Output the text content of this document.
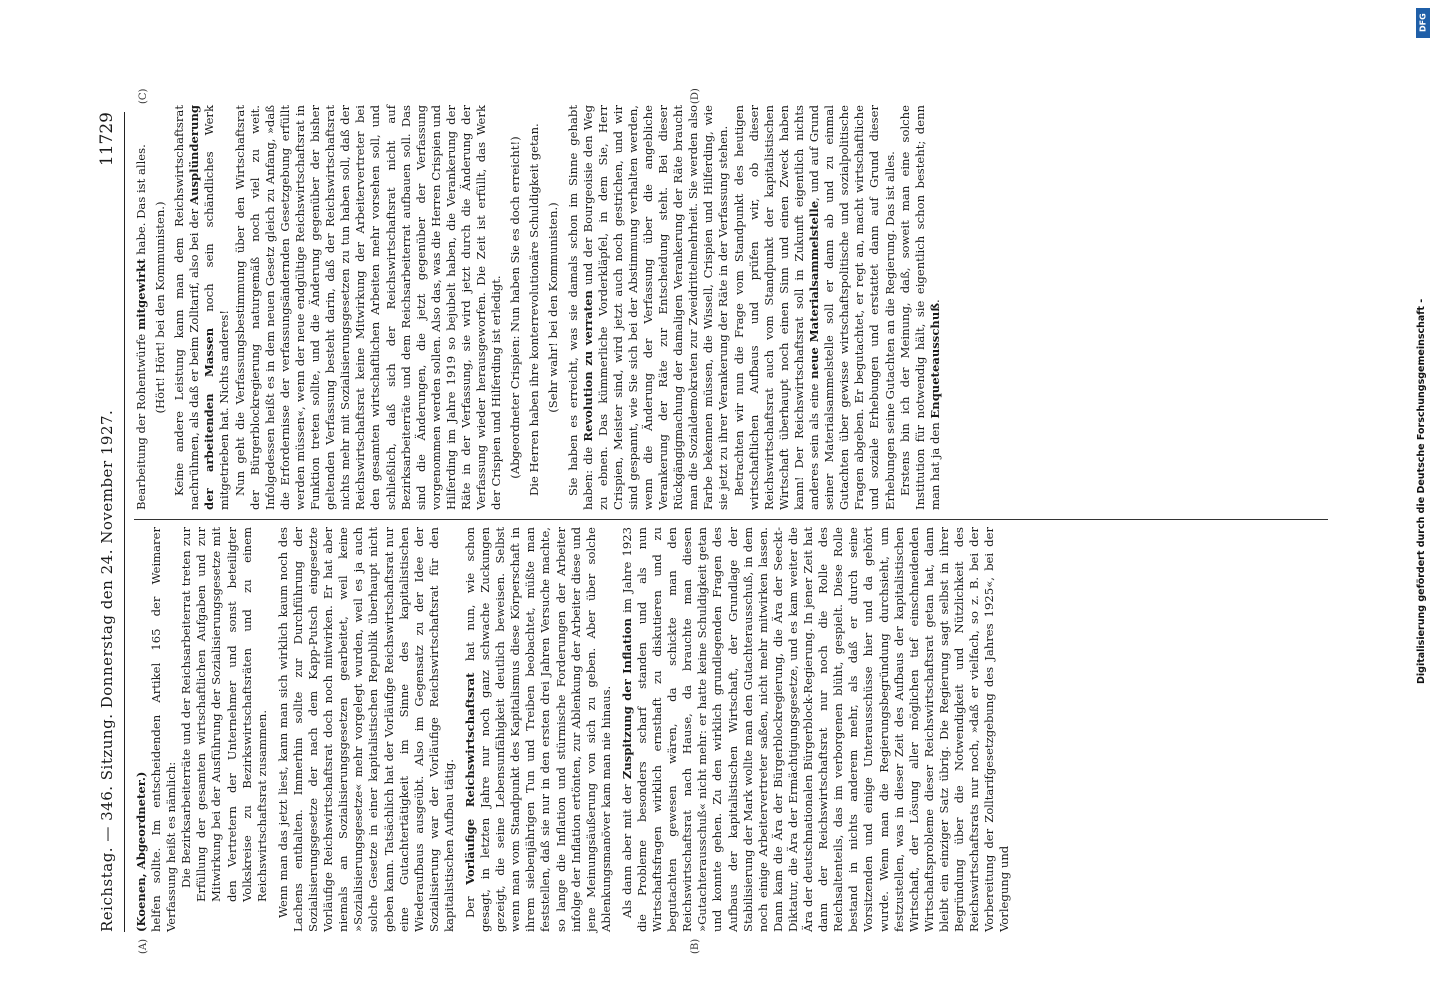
Reichstag. — 346. Sitzung. Donnerstag den 24. November 1927.
11729
(A)	(B)
(C)	(D)

(Koenen, Abgeordneter.) helfen sollte. Im entscheidenden Artikel 165 der Weimarer Verfassung heißt es nämlich: Die Bezirksarbeiterräte und der Reichsarbeiterrat treten zur Erfüllung der gesamten wirtschaftlichen Aufgaben und zur Mitwirkung bei der Ausführung der Sozialisierungsgesetze mit den Vertretern der Unternehmer und sonst beteiligter Volkskreise zu Bezirkswirtschaftsräten und zu einem Reichswirtschaftsrat zusammen. Wenn man das jetzt liest, kann man sich wirklich kaum noch des Lachens enthalten. Immerhin sollte zur Durchführung der Sozialisierungsgesetze der nach dem Kapp-Putsch eingesetzte Vorläufige Reichswirtschaftsrat doch noch mitwirken. Er hat aber niemals an Sozialisierungsgesetzen gearbeitet, weil keine »Sozialisierungsgesetze« mehr vorgelegt wurden, weil es ja auch solche Gesetze in einer kapitalistischen Republik überhaupt nicht geben kann. Tatsächlich hat der Vorläufige Reichswirtschaftsrat nur eine Gutachtertätigkeit im Sinne des kapitalistischen Wiederaufbaus ausgeübt. Also im Gegensatz zu der Idee der Sozialisierung war der Vorläufige Reichswirtschaftsrat für den kapitalistischen Aufbau tätig. Der Vorläufige Reichswirtschaftsrat hat nun, wie schon gesagt, in letzten Jahre nur noch ganz schwache Zuckungen gezeigt, die seine Lebensunfähigkeit deutlich beweisen. Selbst wenn man vom Standpunkt des Kapitalismus diese Körperschaft in ihrem siebenjährigen Tun und Treiben beobachtet, müßte man feststellen, daß sie nur in den ersten drei Jahren Versuche machte, so lange die Inflation und stürmische Forderungen der Arbeiter infolge der Inflation ertönten, zur Ablenkung der Arbeiter diese und jene Meinungsäußerung von sich zu geben. Aber über solche Ablenkungsmanöver kam man nie hinaus. Als dann aber mit der Zuspitzung der Inflation im Jahre 1923 die Probleme besonders scharf standen und als nun Wirtschaftsfragen wirklich ernsthaft zu diskutieren und zu begutachten gewesen wären, da schickte man den Reichswirtschaftsrat nach Hause, da brauchte man diesen »Gutachterausschuß« nicht mehr: er hatte keine Schuldigkeit getan und konnte gehen. Zu den wirklich grundlegenden Fragen des Aufbaus der kapitalistischen Wirtschaft, der Grundlage der Stabilisierung der Mark wollte man den Gutachterausschuß, in dem noch einige Arbeitervertreter saßen, nicht mehr mitwirken lassen. Dann kam die Ära der Bürgerblockregierung, die Ära der Seeckt-Diktatur, die Ära der Ermächtigungsgesetze, und es kam weiter die Ära der deutschnationalen Bürgerblock-Regierung. In jener Zeit hat dann der Reichswirtschaftsrat nur noch die Rolle des Reichsaltenteils, das im verborgenen blüht, gespielt. Diese Rolle bestand in nichts anderem mehr, als daß er durch seine Vorsitzenden und einige Unterausschüsse hier und da gehört wurde. Wenn man die Regierungsbegründung durchsieht, um festzustellen, was in dieser Zeit des Aufbaus der kapitalistischen Wirtschaft, der Lösung aller möglichen tief einschneidenden Wirtschaftsprobleme dieser Reichswirtschaftsrat getan hat, dann bleibt ein einziger Satz übrig. Die Regierung sagt selbst in ihrer Begründung über die Notwendigkeit und Nützlichkeit des Reichswirtschaftsrats nur noch, »daß er vielfach, so z. B. bei der Vorbereitung der Zolltarifgesetzgebung des Jahres 1925«, bei der Vorlegung und

Bearbeitung der Rohentwürfe mitgewirkt habe. Das ist alles.

(Hört! Hört! bei den Kommunisten.) Keine andere Leistung kann man dem Reichswirtschaftsrat nachrühmen, als daß er beim Zolltarif, also bei der Ausplünderung der arbeitenden Massen noch sein schändliches Werk mitgetrieben hat. Nichts anderes! Nun geht die Verfassungsbestimmung über den Wirtschaftsrat der Bürgerblockregierung naturgemäß noch viel zu weit. Infolgedessen heißt es in dem neuen Gesetz gleich zu Anfang, »daß die Erfordernisse der verfassungsändernden Gesetzgebung erfüllt werden müssen«, wenn der neue endgültige Reichswirtschaftsrat in Funktion treten sollte, und die Änderung gegenüber der bisher geltenden Verfassung besteht darin, daß der Reichswirtschaftsrat nichts mehr mit Sozialisierungsgesetzen zu tun haben soll, daß der Reichswirtschaftsrat keine Mitwirkung der Arbeitervertreter bei den gesamten wirtschaftlichen Arbeiten mehr vorsehen soll, und schließlich, daß sich der Reichswirtschaftsrat nicht auf Bezirksarbeiterräte und dem Reichsarbeiterrat aufbauen soll. Das sind die Änderungen, die jetzt gegenüber der Verfassung vorgenommen werden sollen. Also das, was die Herren Crispien und Hilferding im Jahre 1919 so bejubelt haben, die Verankerung der Räte in der Verfassung, sie wird jetzt durch die Änderung der Verfassung wieder herausgeworfen. Die Zeit ist erfüllt, das Werk der Crispien und Hilferding ist erledigt. (Abgeordneter Crispien: Nun haben Sie es doch erreicht!) Die Herren haben ihre konterrevolutionäre Schuldigkeit getan. (Sehr wahr! bei den Kommunisten.) Sie haben es erreicht, was sie damals schon im Sinne gehabt haben: die Revolution zu verraten und der Bourgeoisie den Weg zu ebnen. Das kümmerliche Vorderkläpfel, in dem Sie, Herr Crispien, Meister sind, wird jetzt auch noch gestrichen, und wir sind gespannt, wie Sie sich bei der Abstimmung verhalten werden, wenn die Änderung der Verfassung über die angebliche Verankerung der Räte zur Entscheidung steht. Bei dieser Rückgängigmachung der damaligen Verankerung der Räte braucht man die Sozialdemokraten zur Zweidrittelmehrheit. Sie werden also Farbe bekennen müssen, die Wissell, Crispien und Hilferding, wie sie jetzt zu ihrer Verankerung der Räte in der Verfassung stehen. Betrachten wir nun die Frage vom Standpunkt des heutigen wirtschaftlichen Aufbaus und prüfen wir, ob dieser Reichswirtschaftsrat auch vom Standpunkt der kapitalistischen Wirtschaft überhaupt noch einen Sinn und einen Zweck haben kann! Der Reichswirtschaftsrat soll in Zukunft eigentlich nichts anderes sein als eine neue Materialsammelstelle, und auf Grund seiner Materialsammelstelle soll er dann ab und zu einmal Gutachten über gewisse wirtschaftspolitische und sozialpolitische Fragen abgeben. Er begutachtet, er regt an, macht wirtschaftliche und soziale Erhebungen und erstattet dann auf Grund dieser Erhebungen seine Gutachten an die Regierung. Das ist alles. Erstens bin ich der Meinung, daß, soweit man eine solche Institution für notwendig hält, sie eigentlich schon besteht; denn man hat ja den Enqueteausschuß.

DFG
Digitalisierung gefördert durch die Deutsche Forschungsgemeinschaft -
